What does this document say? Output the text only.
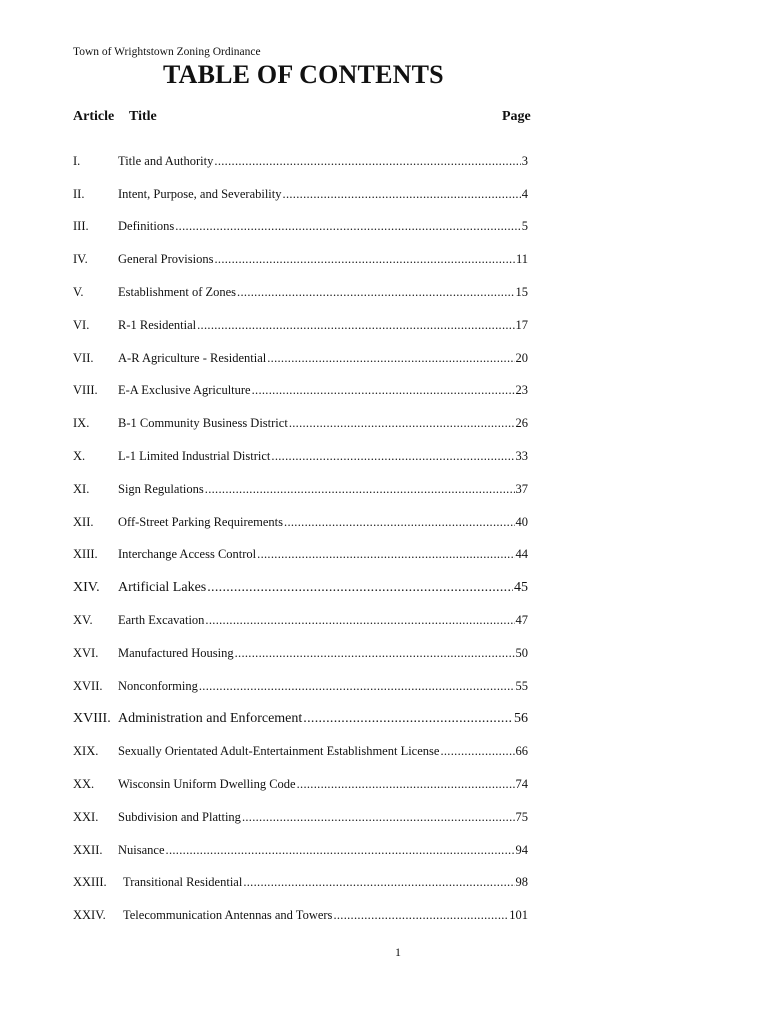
Town of Wrightstown Zoning Ordinance
TABLE OF CONTENTS
Article Title	Page
I.	Title and Authority .....	3
II.	Intent, Purpose, and Severability .....	4
III.	Definitions .....	5
IV.	General Provisions .....	11
V.	Establishment of Zones .....	15
VI.	R-1 Residential .....	17
VII.	A-R Agriculture - Residential .....	20
VIII.	E-A Exclusive Agriculture .....	23
IX.	B-1 Community Business District .....	26
X.	L-1 Limited Industrial District .....	33
XI.	Sign Regulations .....	37
XII.	Off-Street Parking Requirements .....	40
XIII.	Interchange Access Control .....	44
XIV.	Artificial Lakes .....	45
XV.	Earth Excavation .....	47
XVI.	Manufactured Housing .....	50
XVII.	Nonconforming .....	55
XVIII. Administration and Enforcement .....	56
XIX.	Sexually Orientated Adult-Entertainment Establishment License .....	66
XX.	Wisconsin Uniform Dwelling Code .....	74
XXI.	Subdivision and Platting .....	75
XXII.	Nuisance .....	94
XXIII.	Transitional Residential .....	98
XXIV.	Telecommunication Antennas and Towers .....	101
1
